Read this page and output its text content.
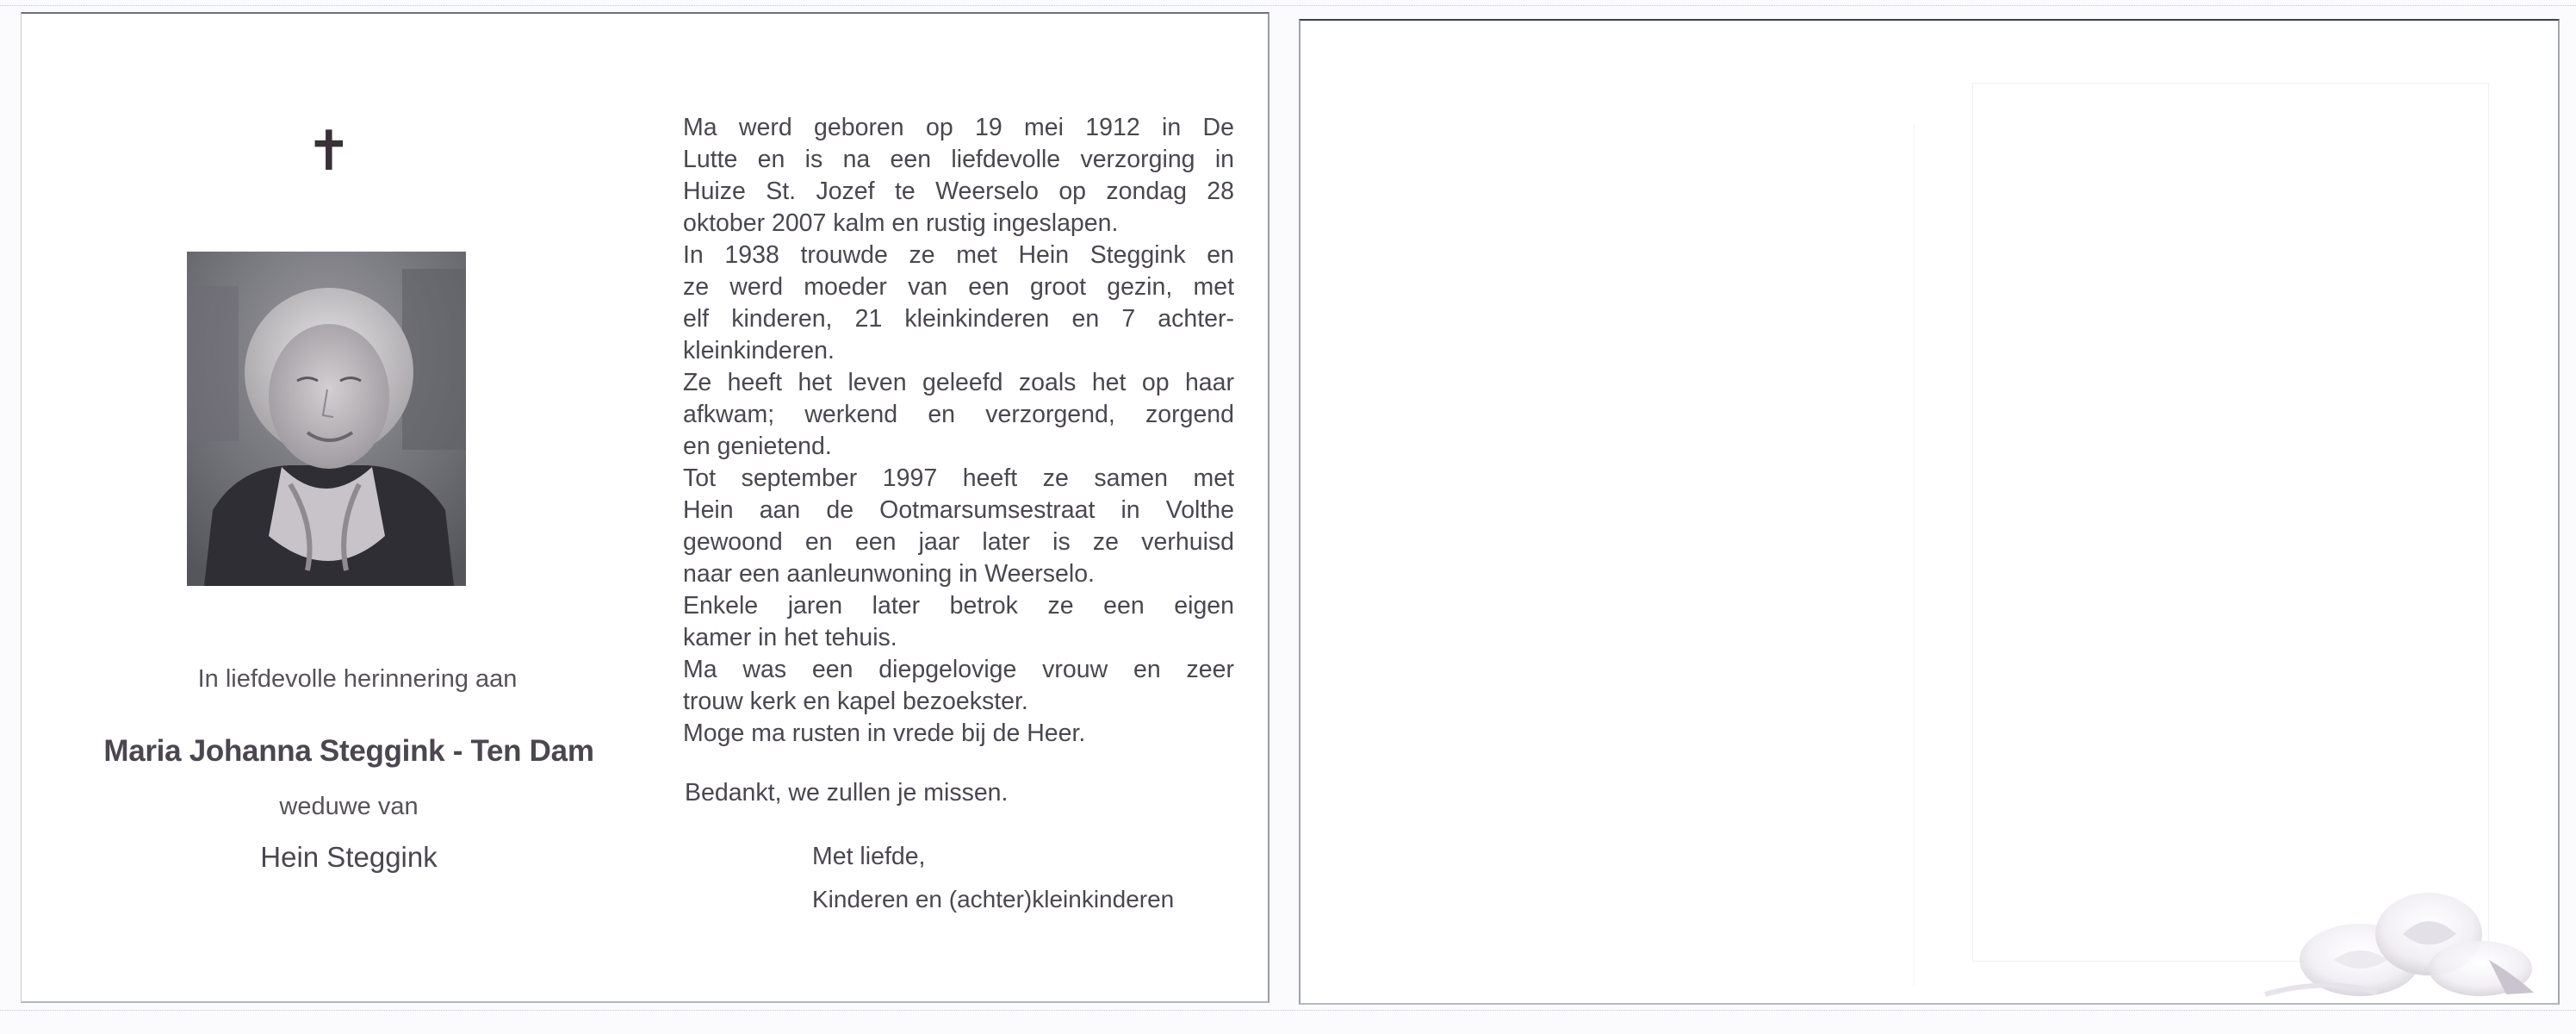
✝
In liefdevolle herinnering aan
Maria Johanna Steggink - Ten Dam
weduwe van
Hein Steggink
Ma werd geboren op 19 mei 1912 in De
Lutte en is na een liefdevolle verzorging in
Huize St. Jozef te Weerselo op zondag 28
oktober 2007 kalm en rustig ingeslapen.
In 1938 trouwde ze met Hein Steggink en
ze werd moeder van een groot gezin, met
elf kinderen, 21 kleinkinderen en 7 achter-
kleinkinderen.
Ze heeft het leven geleefd zoals het op haar
afkwam; werkend en verzorgend, zorgend
en genietend.
Tot september 1997 heeft ze samen met
Hein aan de Ootmarsumsestraat in Volthe
gewoond en een jaar later is ze verhuisd
naar een aanleunwoning in Weerselo.
Enkele jaren later betrok ze een eigen
kamer in het tehuis.
Ma was een diepgelovige vrouw en zeer
trouw kerk en kapel bezoekster.
Moge ma rusten in vrede bij de Heer.
Bedankt, we zullen je missen.
Met liefde,
Kinderen en (achter)kleinkinderen
